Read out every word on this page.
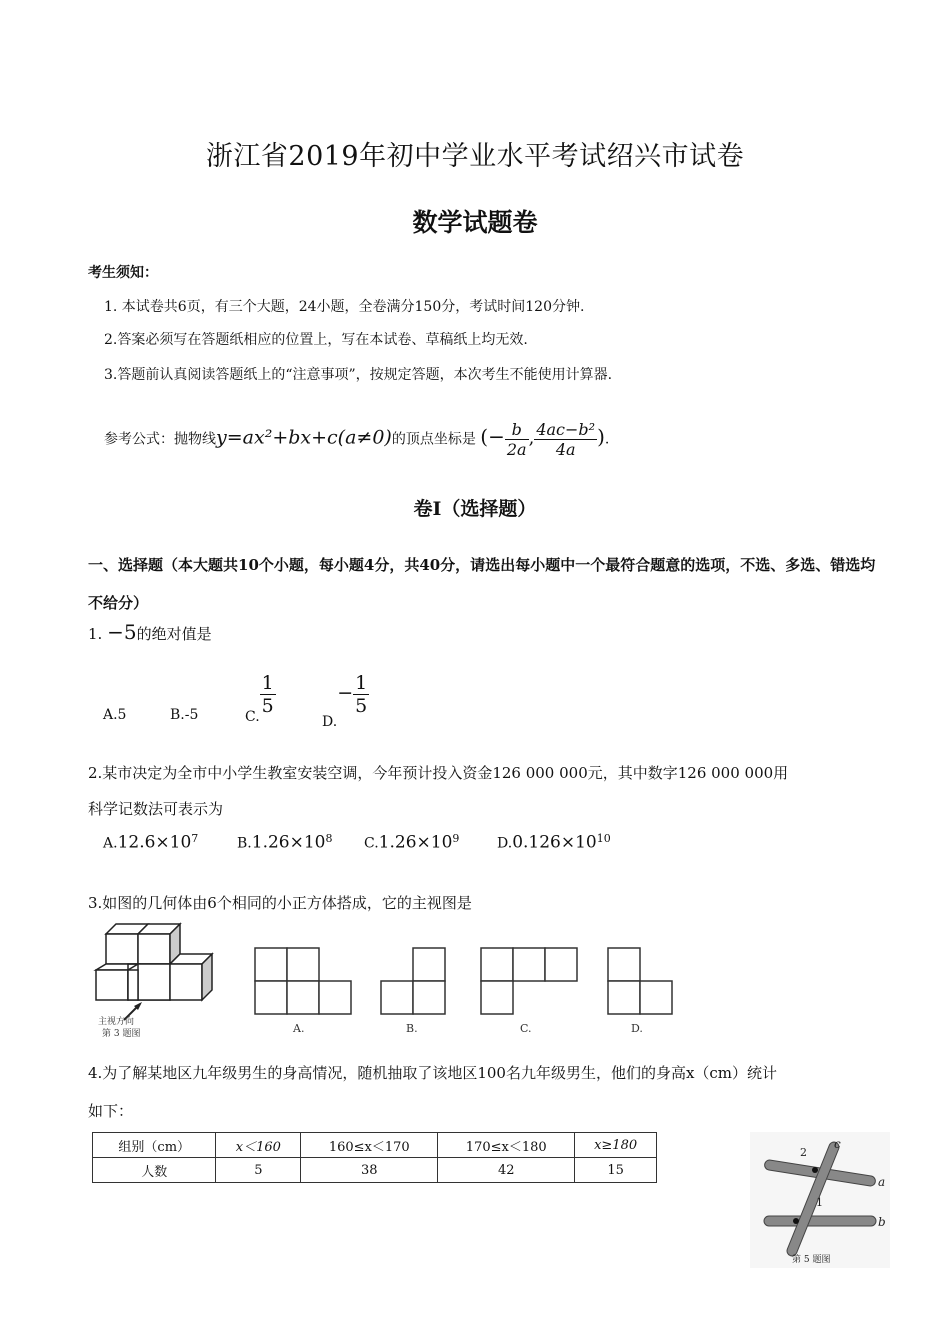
浙江省2019年初中学业水平考试绍兴市试卷
数学试题卷
考生须知：
1. 本试卷共6页，有三个大题，24小题，全卷满分150分，考试时间120分钟.
2.答案必须写在答题纸相应的位置上，写在本试卷、草稿纸上均无效.
3.答题前认真阅读答题纸上的“注意事项”，按规定答题，本次考生不能使用计算器.
参考公式：抛物线y=ax²+bx+c(a≠0)的顶点坐标是 (− $\frac{b}{2a}$ , $\frac{\text{4ac−b²}}{4a}$ ).
卷Ⅰ（选择题）
一、选择题（本大题共10个小题，每小题4分，共40分，请选出每小题中一个最符合题意的选项，不选、多选、错选均不给分）
1. −5的绝对值是
A.5	B.-5	C. $\frac{1}{5}$
$D.- \frac{1}{5}$
2.某市决定为全市中小学生教室安装空调，今年预计投入资金126 000 000元，其中数字126 000 000用
科学记数法可表示为
$A.12.6\times 10^7$	$B.1.26\times 10^8$ $C.1.26\times 10^9$	$D.0.126\times 10^{10}$
3.如图的几何体由6个相同的小正方体搭成，它的主视图是
主视方向
第 3 题图	A.	B.	C.	D.
4.为了解某地区九年级男生的身高情况，随机抽取了该地区100名九年级男生，他们的身高x（cm）统计
如下：
组别（cm）	x＜160	160≤x＜170	170≤x＜180	x≥180
人数	5	38	42	15
2
1
c
a
b
第 5 题图
